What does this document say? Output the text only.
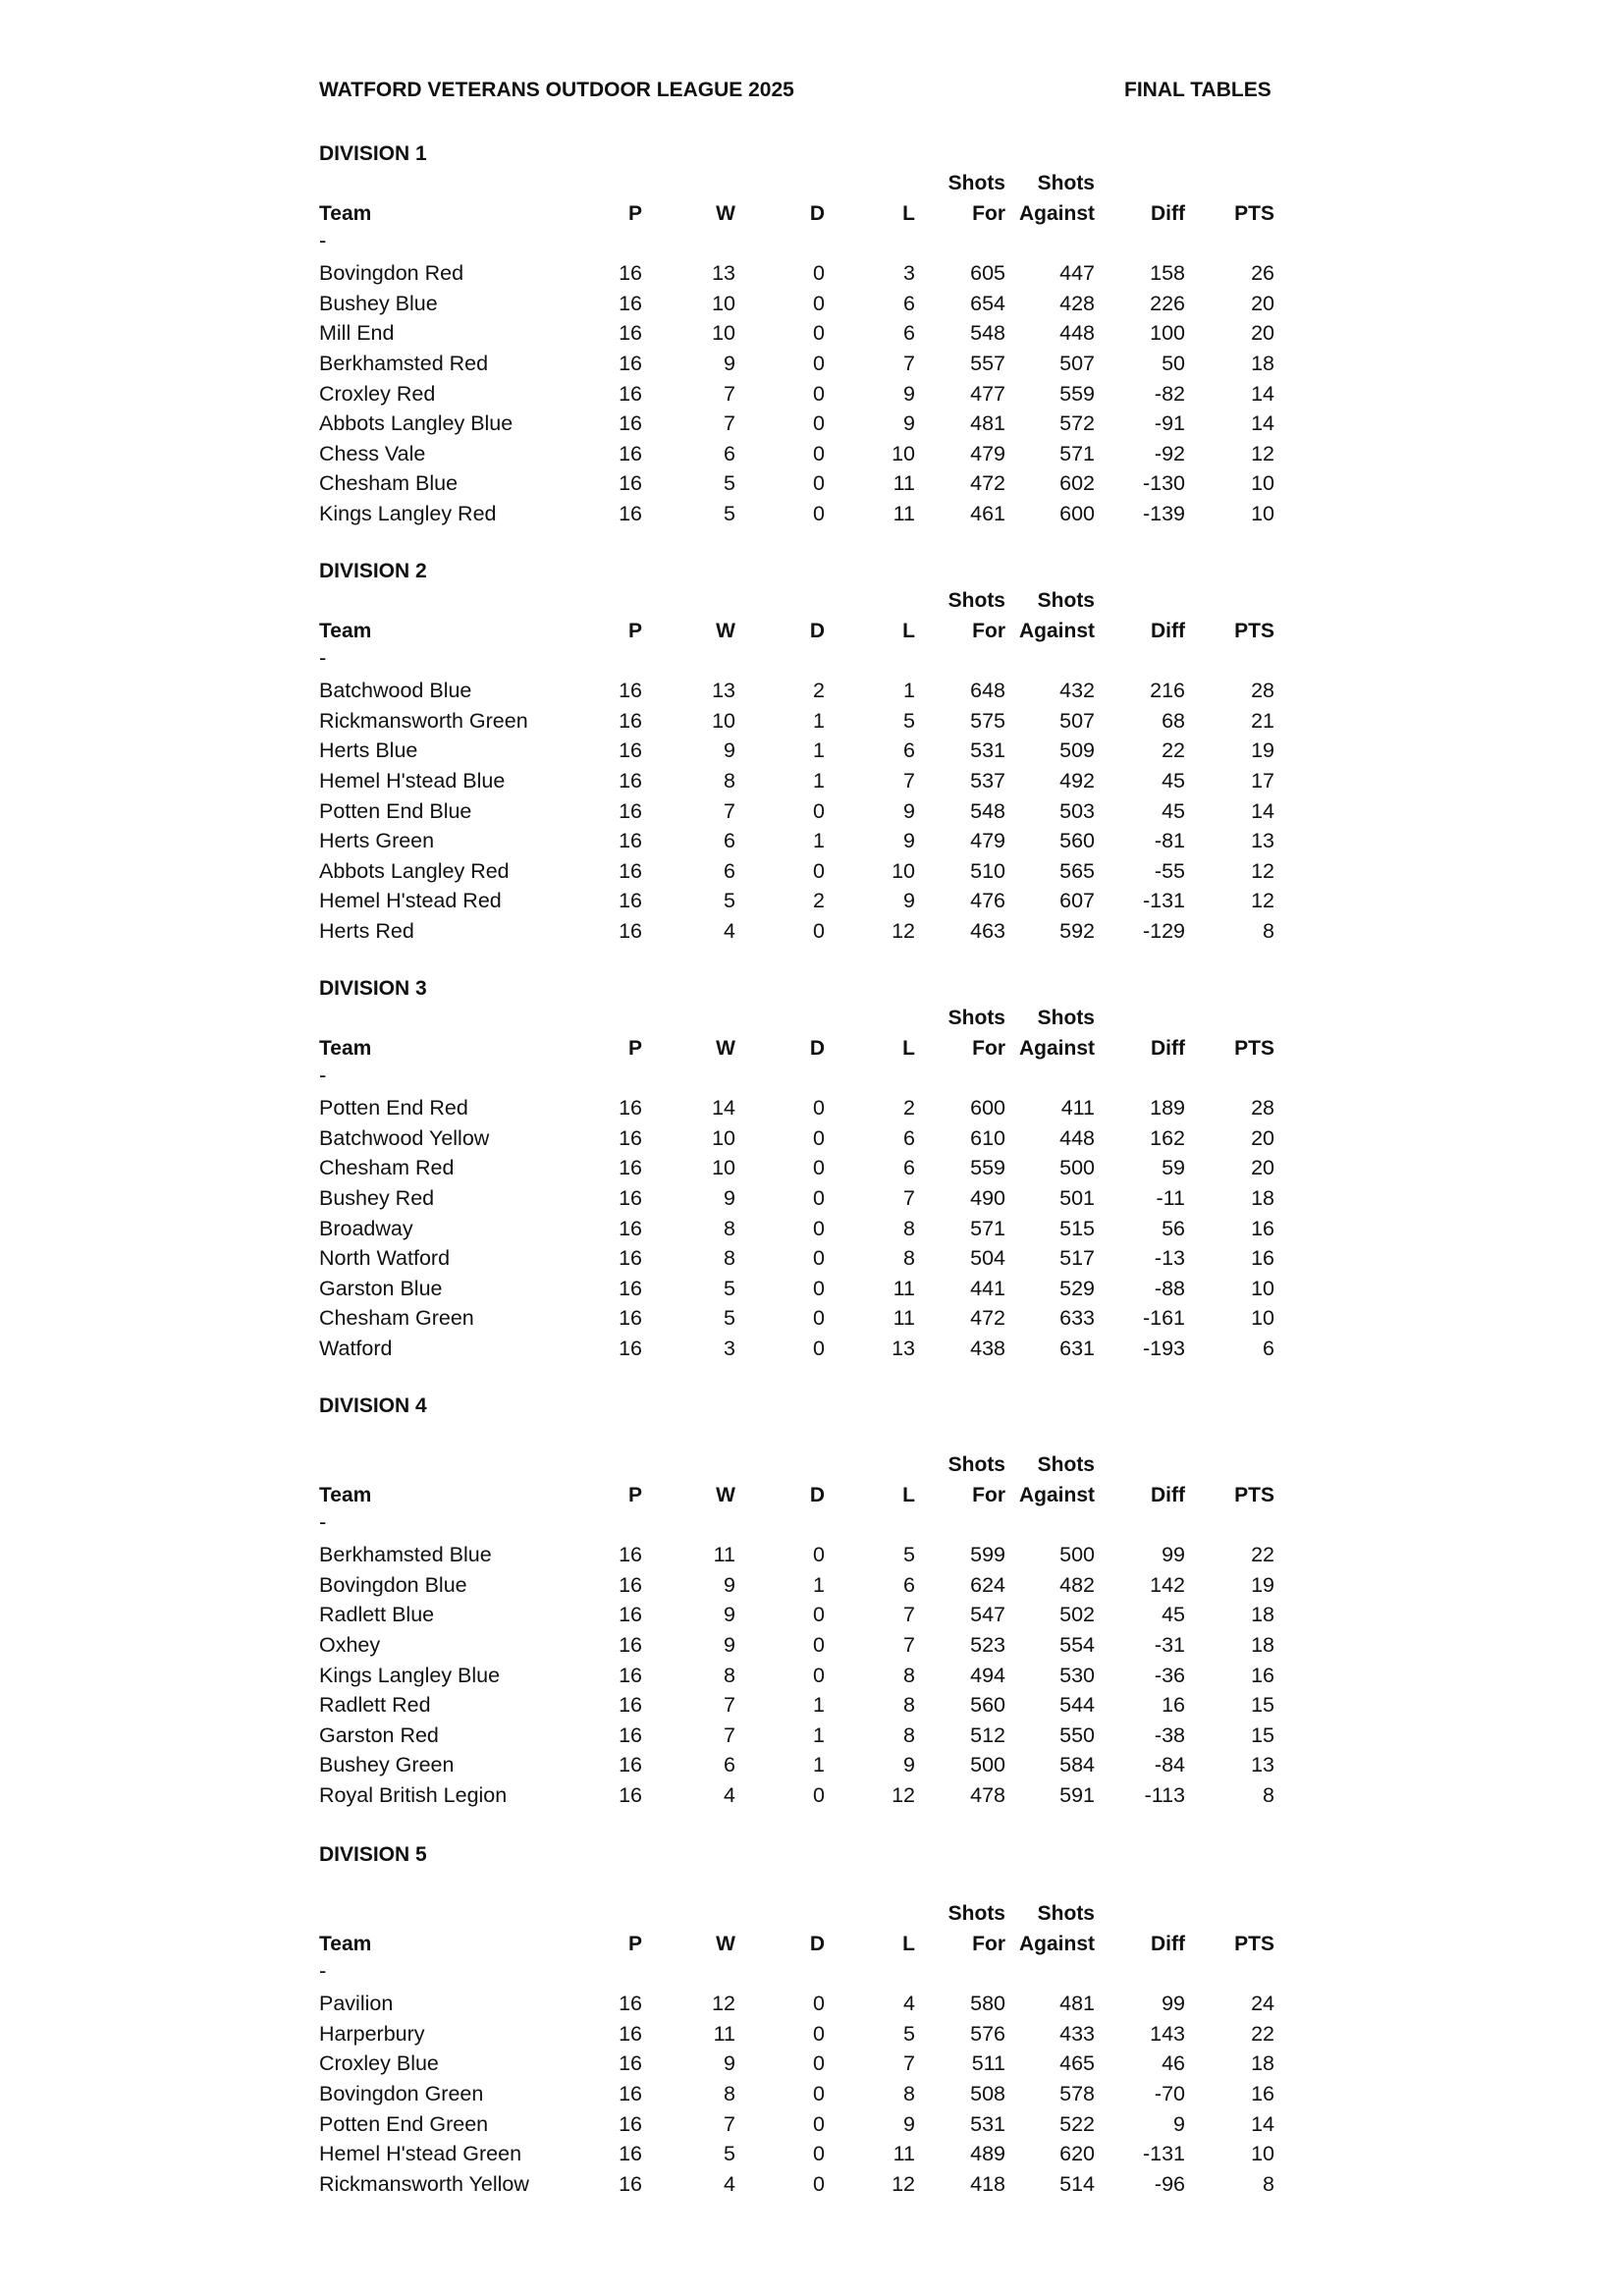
WATFORD VETERANS OUTDOOR LEAGUE 2025	FINAL TABLES
DIVISION 1
Shots Shots
Team	P	W	D	L	For Against	Diff PTS
-
Bovingdon Red	16	13	0	3	605	447	158	26
Bushey Blue	16	10	0	6	654	428	226	20
Mill End	16	10	0	6	548	448	100	20
Berkhamsted Red	16	9	0	7	557	507	50	18
Croxley Red	16	7	0	9	477	559	-82	14
Abbots Langley Blue	16	7	0	9	481	572	-91	14
Chess Vale	16	6	0	10	479	571	-92	12
Chesham Blue	16	5	0	11	472	602 -130	10
Kings Langley Red	16	5	0	11	461	600 -139	10
DIVISION 2
Shots Shots
Team	P	W	D	L	For Against	Diff PTS
-
Batchwood Blue	16	13	2	1	648	432	216	28
Rickmansworth Green	16	10	1	5	575	507	68	21
Herts Blue	16	9	1	6	531	509	22	19
Hemel H'stead Blue	16	8	1	7	537	492	45	17
Potten End Blue	16	7	0	9	548	503	45	14
Herts Green	16	6	1	9	479	560	-81	13
Abbots Langley Red	16	6	0	10	510	565	-55	12
Hemel H'stead Red	16	5	2	9	476	607 -131	12
Herts Red	16	4	0	12	463	592 -129	8
DIVISION 3
Shots Shots
Team	P	W	D	L	For Against	Diff PTS
-
Potten End Red	16	14	0	2	600	411	189	28
Batchwood Yellow	16	10	0	6	610	448	162	20
Chesham Red	16	10	0	6	559	500	59	20
Bushey Red	16	9	0	7	490	501	-11	18
Broadway	16	8	0	8	571	515	56	16
North Watford	16	8	0	8	504	517	-13	16
Garston Blue	16	5	0	11	441	529	-88	10
Chesham Green	16	5	0	11	472	633 -161	10
Watford	16	3	0	13	438	631 -193	6
DIVISION 4
Shots Shots
Team	P	W	D	L	For Against	Diff PTS
-
Berkhamsted Blue	16	11	0	5	599	500	99	22
Bovingdon Blue	16	9	1	6	624	482	142	19
Radlett Blue	16	9	0	7	547	502	45	18
Oxhey	16	9	0	7	523	554	-31	18
Kings Langley Blue	16	8	0	8	494	530	-36	16
Radlett Red	16	7	1	8	560	544	16	15
Garston Red	16	7	1	8	512	550	-38	15
Bushey Green	16	6	1	9	500	584	-84	13
Royal British Legion	16	4	0	12	478	591 -113	8
DIVISION 5
Shots Shots
Team	P	W	D	L	For Against	Diff PTS
-
Pavilion	16	12	0	4	580	481	99	24
Harperbury	16	11	0	5	576	433	143	22
Croxley Blue	16	9	0	7	511	465	46	18
Bovingdon Green	16	8	0	8	508	578	-70	16
Potten End Green	16	7	0	9	531	522	9	14
Hemel H'stead Green	16	5	0	11	489	620 -131	10
Rickmansworth Yellow	16	4	0	12	418	514	-96	8
